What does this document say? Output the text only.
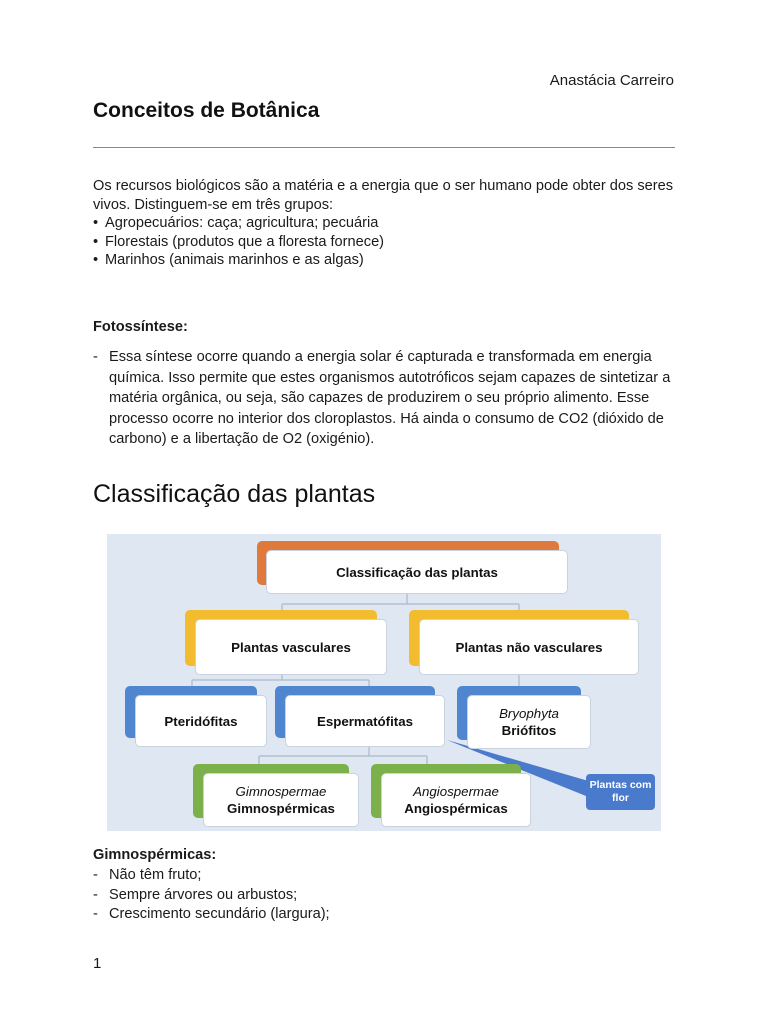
Anastácia Carreiro
Conceitos de Botânica
Os recursos biológicos são a matéria e a energia que o ser humano pode obter dos seres vivos. Distinguem-se em três grupos:
• Agropecuários: caça; agricultura; pecuária
• Florestais (produtos que a floresta fornece)
• Marinhos (animais marinhos e as algas)
Fotossíntese:
- Essa síntese ocorre quando a energia solar é capturada e transformada em energia química. Isso permite que estes organismos autotróficos sejam capazes de sintetizar a matéria orgânica, ou seja, são capazes de produzirem o seu próprio alimento. Esse processo ocorre no interior dos cloroplastos. Há ainda o consumo de CO2 (dióxido de carbono) e a libertação de O2 (oxigénio).
Classificação das plantas
Classificação das plantas
Plantas vasculares	Plantas não vasculares
Pteridófitas	Espermatófitas	Bryophyta
Briófitos
Gimnospermae
Gimnospérmicas
Angiospermae
Angiospérmicas
Plantas com flor
Gimnospérmicas:
- Não têm fruto;
- Sempre árvores ou arbustos;
- Crescimento secundário (largura);
1
